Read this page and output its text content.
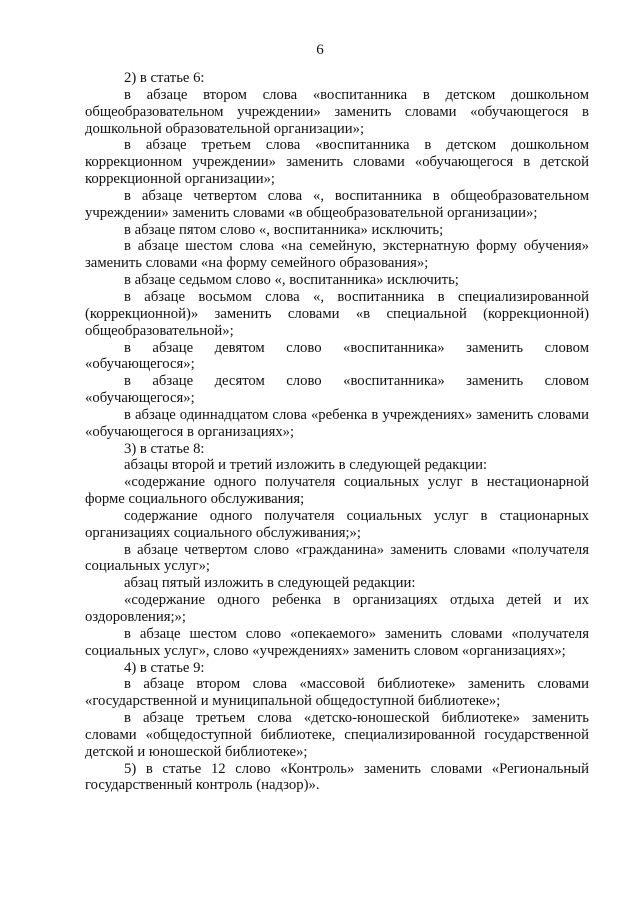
6

2) в статье 6:

в абзаце втором слова «воспитанника в детском дошкольном общеобразовательном учреждении» заменить словами «обучающегося в дошкольной образовательной организации»;

в абзаце третьем слова «воспитанника в детском дошкольном коррекционном учреждении» заменить словами «обучающегося в детской коррекционной организации»;

в абзаце четвертом слова «, воспитанника в общеобразовательном учреждении» заменить словами «в общеобразовательной организации»;

в абзаце пятом слово «, воспитанника» исключить;

в абзаце шестом слова «на семейную, экстернатную форму обучения» заменить словами «на форму семейного образования»;

в абзаце седьмом слово «, воспитанника» исключить;

в абзаце восьмом слова «, воспитанника в специализированной (коррекционной)» заменить словами «в специальной (коррекционной) общеобразовательной»;

в абзаце девятом слово «воспитанника» заменить словом «обучающегося»;

в абзаце десятом слово «воспитанника» заменить словом «обучающегося»;

в абзаце одиннадцатом слова «ребенка в учреждениях» заменить словами «обучающегося в организациях»;

3) в статье 8:

абзацы второй и третий изложить в следующей редакции:

«содержание одного получателя социальных услуг в нестационарной форме социального обслуживания;

содержание одного получателя социальных услуг в стационарных организациях социального обслуживания;»;

в абзаце четвертом слово «гражданина» заменить словами «получателя социальных услуг»;

абзац пятый изложить в следующей редакции:

«содержание одного ребенка в организациях отдыха детей и их оздоровления;»;

в абзаце шестом слово «опекаемого» заменить словами «получателя социальных услуг», слово «учреждениях» заменить словом «организациях»;

4) в статье 9:

в абзаце втором слова «массовой библиотеке» заменить словами «государственной и муниципальной общедоступной библиотеке»;

в абзаце третьем слова «детско-юношеской библиотеке» заменить словами «общедоступной библиотеке, специализированной государственной детской и юношеской библиотеке»;

5) в статье 12 слово «Контроль» заменить словами «Региональный государственный контроль (надзор)».
